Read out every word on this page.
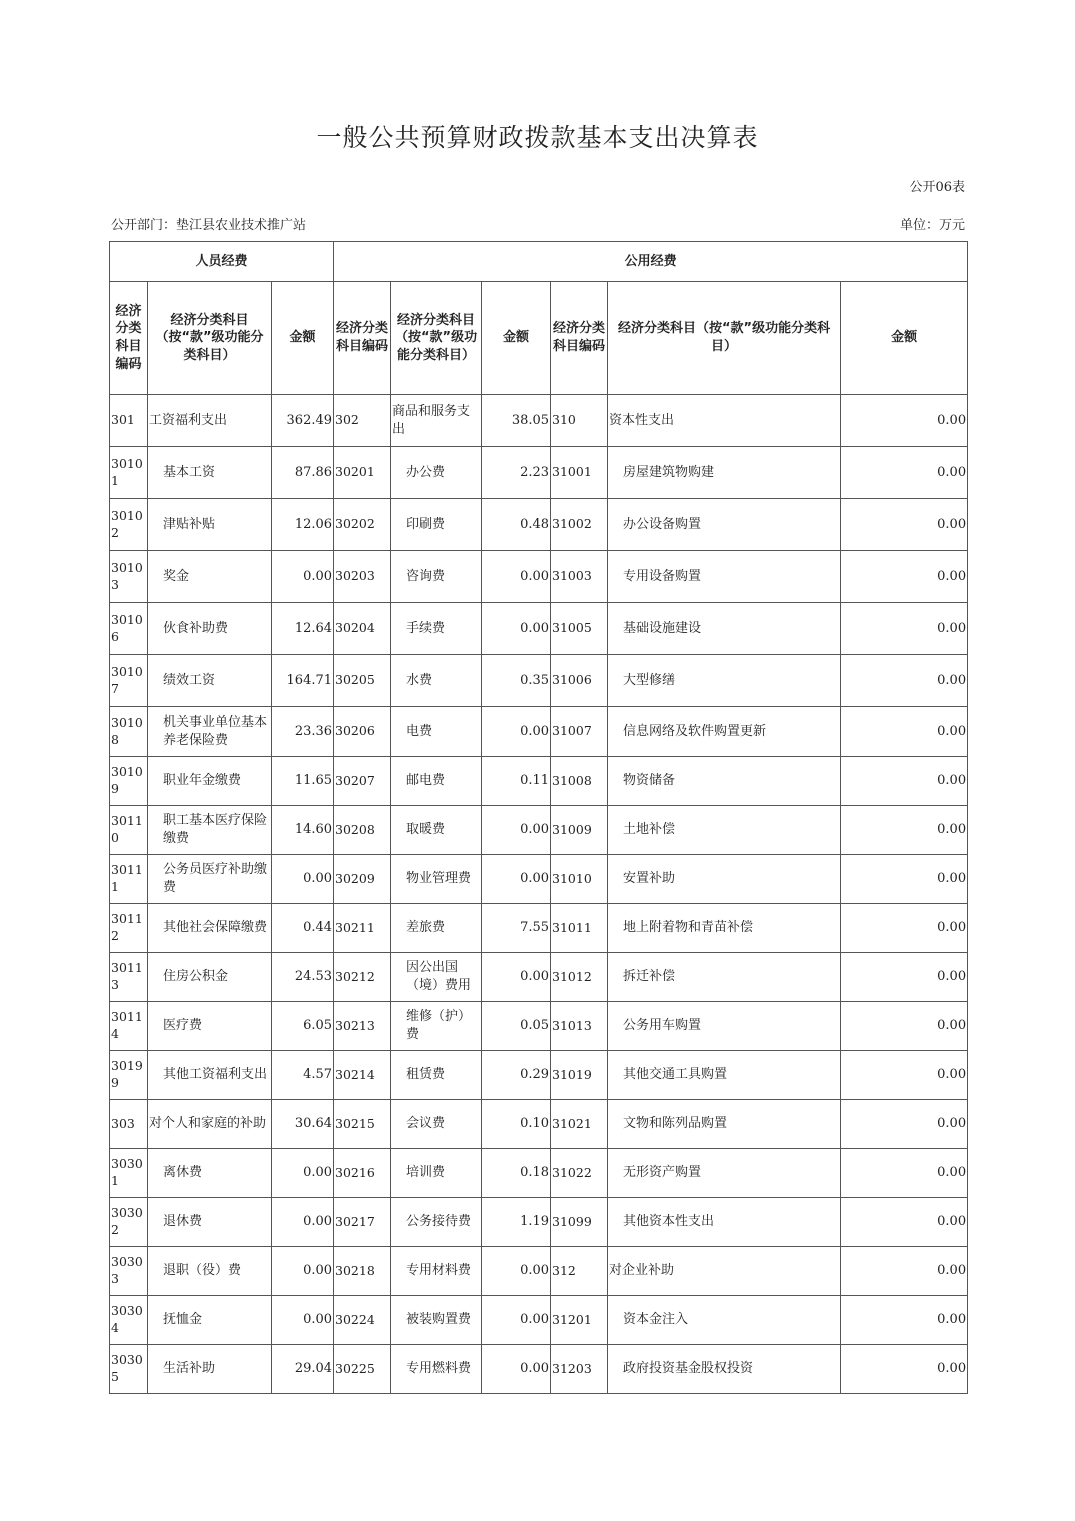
一般公共预算财政拨款基本支出决算表
公开06表
公开部门：垫江县农业技术推广站	单位：万元
人员经费			公用经费					
经济分类科目编码	经济分类科目（按“款”级功能分类科目）	金额	经济分类科目编码	经济分类科目（按“款”级功能分类科目）	金额	经济分类科目编码	经济分类科目（按“款”级功能分类科目）	金额
301	工资福利支出	362.49	302	商品和服务支出	38.05	310	资本性支出	0.00
30101	基本工资	87.86	30201	办公费	2.23	31001	房屋建筑物购建	0.00
30102	津贴补贴	12.06	30202	印刷费	0.48	31002	办公设备购置	0.00
30103	奖金	0.00	30203	咨询费	0.00	31003	专用设备购置	0.00
30106	伙食补助费	12.64	30204	手续费	0.00	31005	基础设施建设	0.00
30107	绩效工资	164.71	30205	水费	0.35	31006	大型修缮	0.00
30108	机关事业单位基本养老保险费	23.36	30206	电费	0.00	31007	信息网络及软件购置更新	0.00
30109	职业年金缴费	11.65	30207	邮电费	0.11	31008	物资储备	0.00
30110	职工基本医疗保险缴费	14.60	30208	取暖费	0.00	31009	土地补偿	0.00
30111	公务员医疗补助缴费	0.00	30209	物业管理费	0.00	31010	安置补助	0.00
30112	其他社会保障缴费	0.44	30211	差旅费	7.55	31011	地上附着物和青苗补偿	0.00
30113	住房公积金	24.53	30212	因公出国（境）费用	0.00	31012	拆迁补偿	0.00
30114	医疗费	6.05	30213	维修（护）费	0.05	31013	公务用车购置	0.00
30199	其他工资福利支出	4.57	30214	租赁费	0.29	31019	其他交通工具购置	0.00
303	对个人和家庭的补助	30.64	30215	会议费	0.10	31021	文物和陈列品购置	0.00
30301	离休费	0.00	30216	培训费	0.18	31022	无形资产购置	0.00
30302	退休费	0.00	30217	公务接待费	1.19	31099	其他资本性支出	0.00
30303	退职（役）费	0.00	30218	专用材料费	0.00	312	对企业补助	0.00
30304	抚恤金	0.00	30224	被装购置费	0.00	31201	资本金注入	0.00
30305	生活补助	29.04	30225	专用燃料费	0.00	31203	政府投资基金股权投资	0.00
